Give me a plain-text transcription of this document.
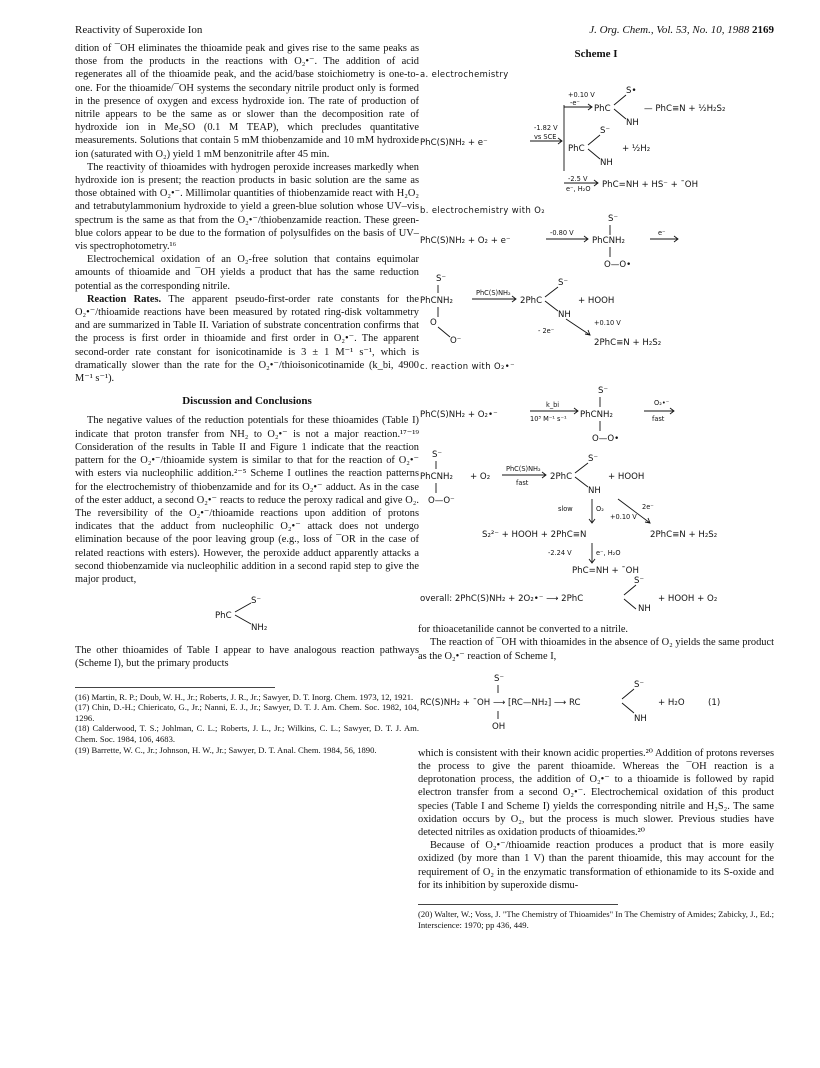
Reactivity of Superoxide Ion	J. Org. Chem., Vol. 53, No. 10, 1988 2169

dition of ¯OH eliminates the thioamide peak and gives rise to the same peaks as those from the products in the reactions with O₂•⁻. The addition of acid regenerates all of the thioamide peak, and the acid/base stoichiometry is one-to-one. For the thioamide/¯OH systems the secondary nitrile product only is formed in the presence of oxygen and excess hydroxide ion. The rate of production of nitrile appears to be the same as or slower than the decomposition rate of hydroxide ion in Me₂SO (0.1 M TEAP), which precludes quantitative measurements. Solutions that contain 5 mM thiobenzamide and 10 mM hydroxide ion (saturated with O₂) yield 1 mM benzonitrile after 45 min.

The reactivity of thioamides with hydrogen peroxide increases markedly when hydroxide ion is present; the reaction products in basic solution are the same as those obtained with O₂•⁻. Millimolar quantities of thiobenzamide react with H₂O₂ and tetrabutylammonium hydroxide to yield a green-blue solution whose UV–vis spectrum is the same as that from the O₂•⁻/thiobenzamide reaction. These green-blue colors appear to be due to the formation of polysulfides on the basis of UV–vis spectrophotometry.¹⁶

Electrochemical oxidation of an O₂-free solution that contains equimolar amounts of thioamide and ¯OH yields a product that has the same reduction potential as the corresponding nitrile.

Reaction Rates. The apparent pseudo-first-order rate constants for the O₂•⁻/thioamide reactions have been measured by rotated ring-disk voltammetry and are summarized in Table II. Variation of substrate concentration confirms that the process is first order in thioamide and first order in O₂•⁻. The apparent second-order rate constant for isonicotinamide is 3 ± 1 M⁻¹ s⁻¹, which is dramatically slower than the rate for the O₂•⁻/thioisonicotinamide (k_bi, 4900 M⁻¹ s⁻¹).

Discussion and Conclusions

The negative values of the reduction potentials for these thioamides (Table I) indicate that proton transfer from NH₂ to O₂•⁻ is not a major reaction.¹⁷⁻¹⁹ Consideration of the results in Table II and Figure 1 indicate that the reaction pattern for the O₂•⁻/thioamide system is similar to that for the reaction of O₂•⁻ with esters via nucleophilic addition.²⁻⁵ Scheme I outlines the reaction patterns for the electrochemistry of thiobenzamide and for its O₂•⁻ adduct. As in the case of the ester adduct, a second O₂•⁻ reacts to reduce the peroxy radical and give O₂. The reversibility of the O₂•⁻/thioamide reactions upon addition of protons indicates that the adduct from nucleophilic O₂•⁻ attack does not undergo elimination because of the poor leaving group (e.g., loss of ¯OR in the case of related reactions with esters). However, the peroxide adduct apparently attacks a second thiobenzamide via nucleophilic addition in a second rapid step to give the major product,

PhC
S⁻
NH₂

The other thioamides of Table I appear to have analogous reaction pathways (Scheme I), but the primary products

(16) Martin, R. P.; Doub, W. H., Jr.; Roberts, J. R., Jr.; Sawyer, D. T. Inorg. Chem. 1973, 12, 1921.

(17) Chin, D.-H.; Chiericato, G., Jr.; Nanni, E. J., Jr.; Sawyer, D. T. J. Am. Chem. Soc. 1982, 104, 1296.

(18) Calderwood, T. S.; Johlman, C. L.; Roberts, J. L., Jr.; Wilkins, C. L.; Sawyer, D. T. J. Am. Chem. Soc. 1984, 106, 4683.

(19) Barrette, W. C., Jr.; Johnson, H. W., Jr.; Sawyer, D. T. Anal. Chem. 1984, 56, 1890.

Scheme I
a. electrochemistry
PhC(S)NH₂ + e⁻
-1.82 V
vs SCE
+0.10 V
-e⁻
PhC
S•
NH
— PhC≡N + ½H₂S₂
PhC
S⁻
NH
+ ½H₂
-2.5 V
e⁻, H₂O PhC=NH + HS⁻ + ¯OH
b. electrochemistry with O₂
PhC(S)NH₂ + O₂ + e⁻
-0.80 V
PhCNH₂
S⁻
O—O•
e⁻
S⁻
PhCNH₂
O
O⁻
PhC(S)NH₂
2PhC
S⁻
NH
+ HOOH
+0.10 V
- 2e⁻
2PhC≡N + H₂S₂
c. reaction with O₂•⁻
PhC(S)NH₂ + O₂•⁻
k_bi
10³ M⁻¹ s⁻¹ PhCNH₂
S⁻
O—O•
O₂•⁻
fast
S⁻
PhCNH₂ + O₂
O—O⁻
PhC(S)NH₂
fast
2PhC
S⁻
NH
+ HOOH
slow	O₂
+0.10 V
2e⁻
S₂²⁻ + HOOH + 2PhC≡N	2PhC≡N + H₂S₂
-2.24 V	e⁻, H₂O
PhC=NH + ¯OH
overall: 2PhC(S)NH₂ + 2O₂•⁻ ⟶ 2PhC
S⁻
NH
+ HOOH + O₂

for thioacetanilide cannot be converted to a nitrile.

The reaction of ¯OH with thioamides in the absence of O₂ yields the same product as the O₂•⁻ reaction of Scheme I,

S⁻
RC(S)NH₂ + ¯OH ⟶ [RC—NH₂] ⟶ RC
OH
S⁻
NH
+ H₂O	(1)

which is consistent with their known acidic properties.²⁰ Addition of protons reverses the process to give the parent thioamide. Whereas the ¯OH reaction is a deprotonation process, the addition of O₂•⁻ to a thioamide is followed by rapid electron transfer from a second O₂•⁻. Electrochemical oxidation of this product species (Table I and Scheme I) yields the corresponding nitrile and H₂S₂. The same oxidation occurs by O₂, but the process is much slower. Previous studies have detected nitriles as oxidation products of thioamides.²⁰

Because of O₂•⁻/thioamide reaction produces a product that is more easily oxidized (by more than 1 V) than the parent thioamide, this may account for the requirement of O₂ in the enzymatic transformation of ethionamide to its S-oxide and for its inhibition by superoxide dismu-

(20) Walter, W.; Voss, J. "The Chemistry of Thioamides" In The Chemistry of Amides; Zabicky, J., Ed.; Interscience: 1970; pp 436, 449.
